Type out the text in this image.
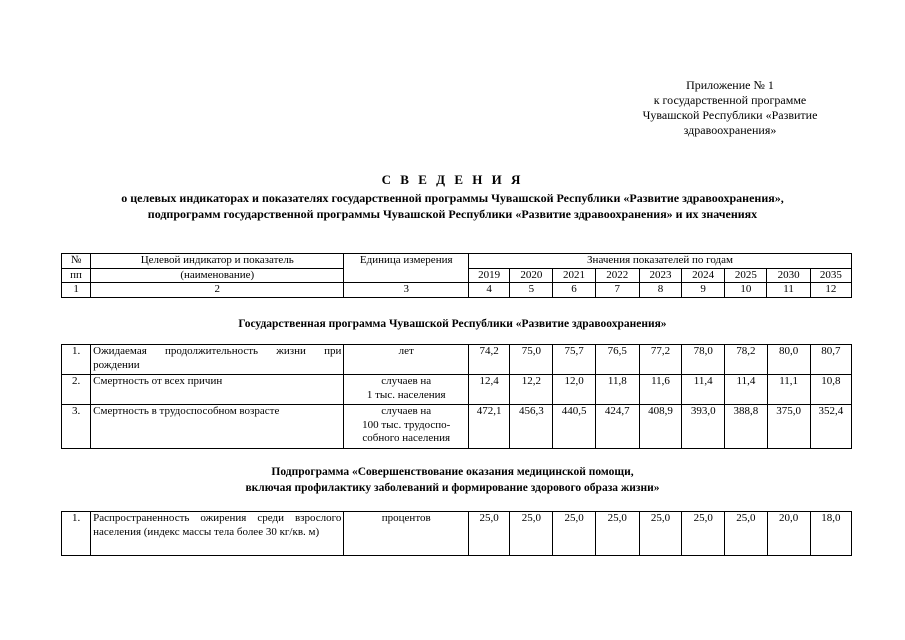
Приложение № 1
к государственной программе
Чувашской Республики «Развитие
здравоохранения»
С В Е Д Е Н И Я
о целевых индикаторах и показателях государственной программы Чувашской Республики «Развитие здравоохранения»,
подпрограмм государственной программы Чувашской Республики «Развитие здравоохранения» и их значениях
№	Целевой индикатор и показатель	Единица измерения	Значения показателей по годам								
пп	(наименование)		2019	2020	2021	2022	2023	2024	2025	2030	2035
1	2	3	4	5	6	7	8	9	10	11	12
Государственная программа Чувашской Республики «Развитие здравоохранения»
1.	Ожидаемая продолжительность жизни при рождении	лет	74,2	75,0	75,7	76,5	77,2	78,0	78,2	80,0	80,7
2.	Смертность от всех причин	случаев на
1 тыс. населения	12,4	12,2	12,0	11,8	11,6	11,4	11,4	11,1	10,8
3.	Смертность в трудоспособном возрасте	случаев на
100 тыс. трудоспо-
собного населения	472,1	456,3	440,5	424,7	408,9	393,0	388,8	375,0	352,4
Подпрограмма «Совершенствование оказания медицинской помощи,
включая профилактику заболеваний и формирование здорового образа жизни»
1.	Распространенность ожирения среди взрослого населения (индекс массы тела более 30 кг/кв. м)	процентов	25,0	25,0	25,0	25,0	25,0	25,0	25,0	20,0	18,0
